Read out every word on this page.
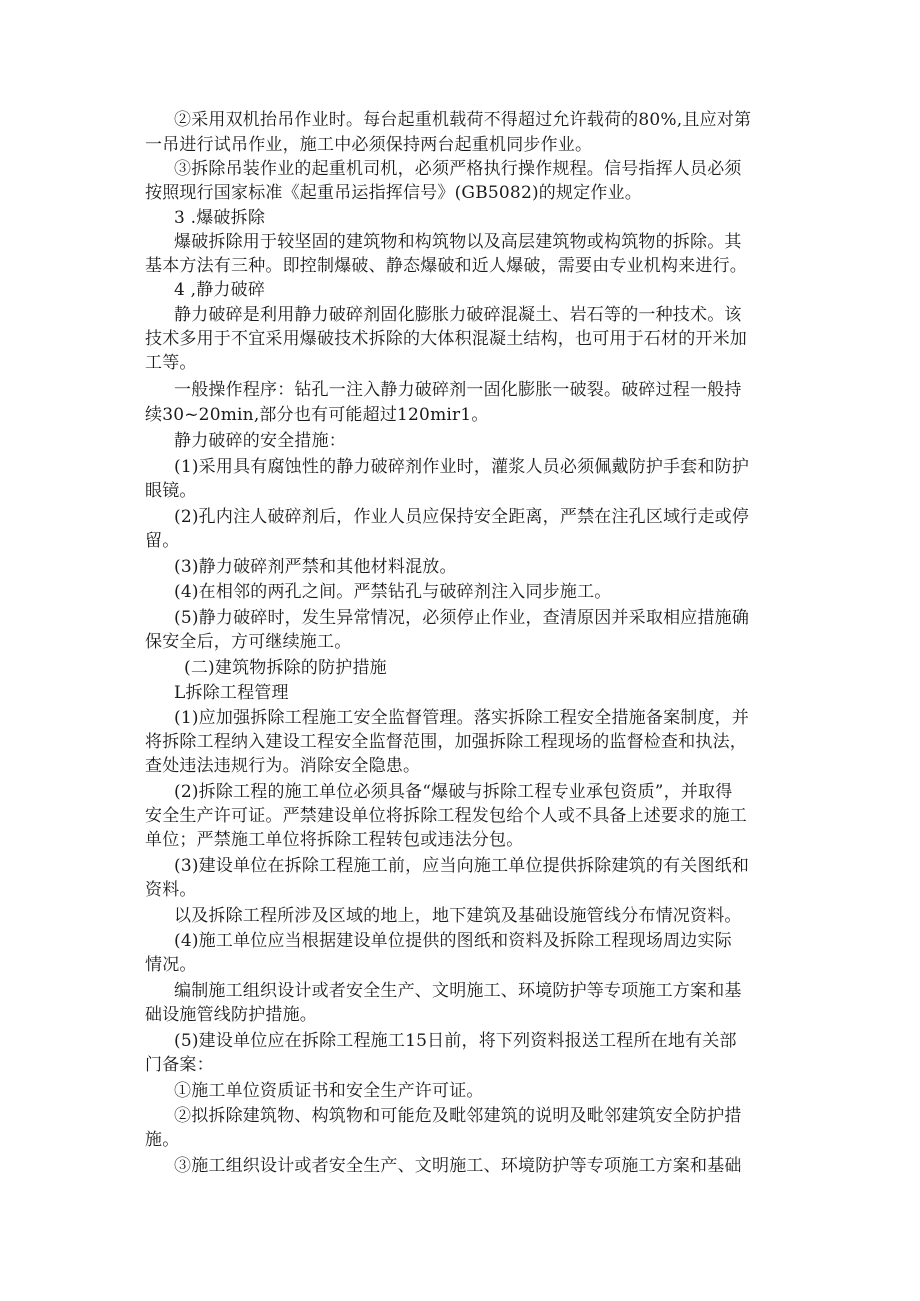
②采用双机抬吊作业时。每台起重机载荷不得超过允许载荷的80%,且应对第
一吊进行试吊作业，施工中必须保持两台起重机同步作业。
③拆除吊装作业的起重机司机，必须严格执行操作规程。信号指挥人员必须
按照现行国家标准《起重吊运指挥信号》(GB5082)的规定作业。
3 .爆破拆除
爆破拆除用于较坚固的建筑物和构筑物以及高层建筑物或构筑物的拆除。其
基本方法有三种。即控制爆破、静态爆破和近人爆破，需要由专业机构来进行。
4 ,静力破碎
静力破碎是利用静力破碎剂固化膨胀力破碎混凝土、岩石等的一种技术。该
技术多用于不宜采用爆破技术拆除的大体积混凝土结构，也可用于石材的开米加
工等。
一般操作程序：钻孔一注入静力破碎剂一固化膨胀一破裂。破碎过程一般持
续30~20min,部分也有可能超过120mir1。
静力破碎的安全措施：
(1)采用具有腐蚀性的静力破碎剂作业时，灌浆人员必须佩戴防护手套和防护
眼镜。
(2)孔内注人破碎剂后，作业人员应保持安全距离，严禁在注孔区域行走或停
留。
(3)静力破碎剂严禁和其他材料混放。
(4)在相邻的两孔之间。严禁钻孔与破碎剂注入同步施工。
(5)静力破碎时，发生异常情况，必须停止作业，查清原因并采取相应措施确
保安全后，方可继续施工。
(二)建筑物拆除的防护措施
L拆除工程管理
(1)应加强拆除工程施工安全监督管理。落实拆除工程安全措施备案制度，并
将拆除工程纳入建设工程安全监督范围，加强拆除工程现场的监督检查和执法，
查处违法违规行为。消除安全隐患。
(2)拆除工程的施工单位必须具备“爆破与拆除工程专业承包资质”，并取得
安全生产许可证。严禁建设单位将拆除工程发包给个人或不具备上述要求的施工
单位；严禁施工单位将拆除工程转包或违法分包。
(3)建设单位在拆除工程施工前，应当向施工单位提供拆除建筑的有关图纸和
资料。
以及拆除工程所涉及区域的地上，地下建筑及基础设施管线分布情况资料。
(4)施工单位应当根据建设单位提供的图纸和资料及拆除工程现场周边实际
情况。
编制施工组织设计或者安全生产、文明施工、环境防护等专项施工方案和基
础设施管线防护措施。
(5)建设单位应在拆除工程施工15日前，将下列资料报送工程所在地有关部
门备案：
①施工单位资质证书和安全生产许可证。
②拟拆除建筑物、构筑物和可能危及毗邻建筑的说明及毗邻建筑安全防护措
施。
③施工组织设计或者安全生产、文明施工、环境防护等专项施工方案和基础
